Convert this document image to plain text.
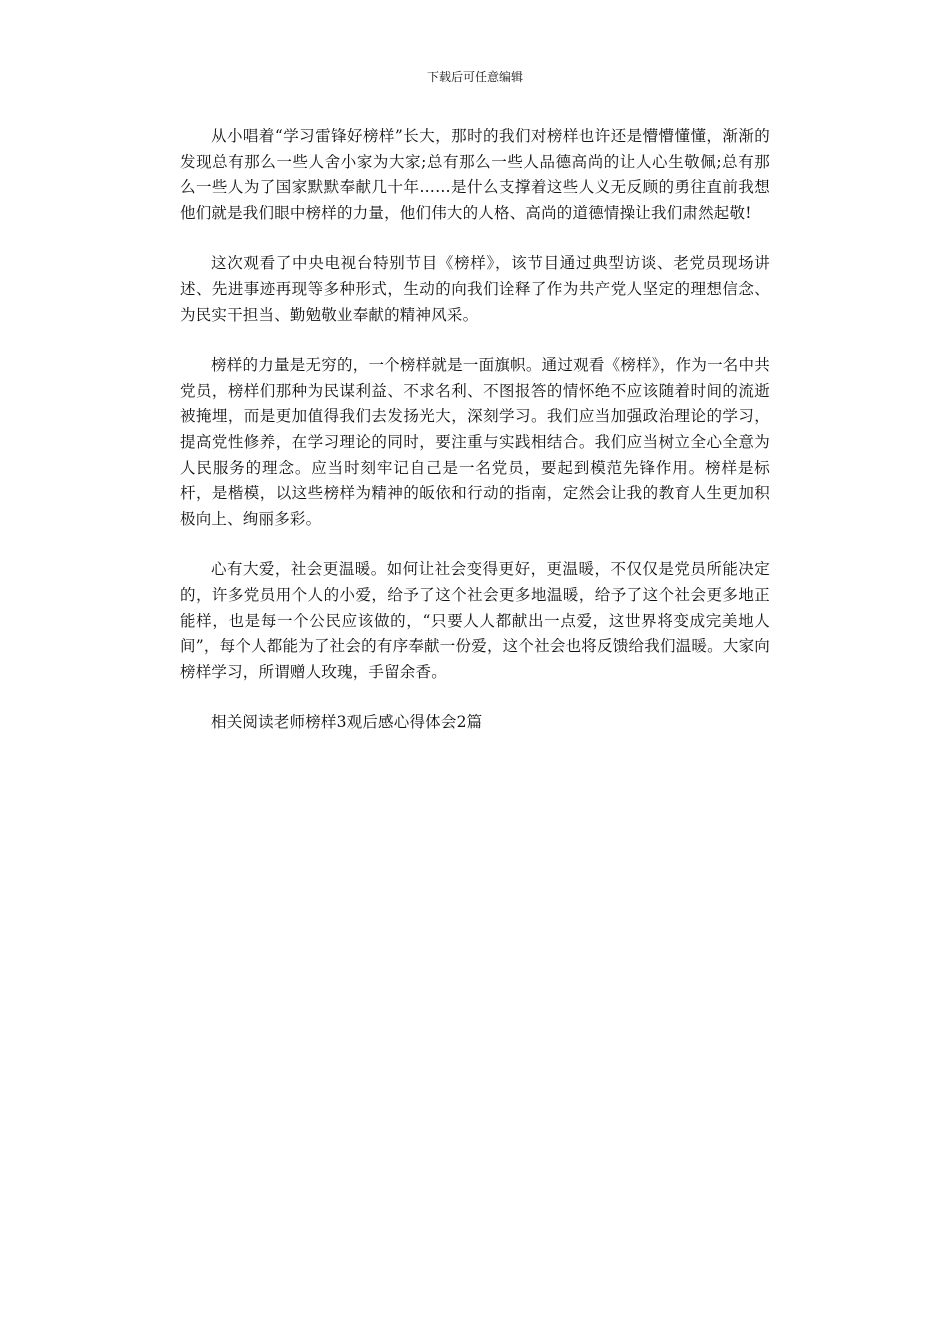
下载后可任意编辑

从小唱着“学习雷锋好榜样”长大，那时的我们对榜样也许还是懵懵懂懂，渐渐的发现总有那么一些人舍小家为大家;总有那么一些人品德高尚的让人心生敬佩;总有那么一些人为了国家默默奉献几十年……是什么支撑着这些人义无反顾的勇往直前我想他们就是我们眼中榜样的力量，他们伟大的人格、高尚的道德情操让我们肃然起敬!

这次观看了中央电视台特别节目《榜样》，该节目通过典型访谈、老党员现场讲述、先进事迹再现等多种形式，生动的向我们诠释了作为共产党人坚定的理想信念、为民实干担当、勤勉敬业奉献的精神风采。

榜样的力量是无穷的，一个榜样就是一面旗帜。通过观看《榜样》，作为一名中共党员，榜样们那种为民谋利益、不求名利、不图报答的情怀绝不应该随着时间的流逝被掩埋，而是更加值得我们去发扬光大，深刻学习。我们应当加强政治理论的学习，提高党性修养，在学习理论的同时，要注重与实践相结合。我们应当树立全心全意为人民服务的理念。应当时刻牢记自己是一名党员，要起到模范先锋作用。榜样是标杆，是楷模，以这些榜样为精神的皈依和行动的指南，定然会让我的教育人生更加积极向上、绚丽多彩。

心有大爱，社会更温暖。如何让社会变得更好，更温暖，不仅仅是党员所能决定的，许多党员用个人的小爱，给予了这个社会更多地温暖，给予了这个社会更多地正能样，也是每一个公民应该做的，“只要人人都献出一点爱，这世界将变成完美地人间”，每个人都能为了社会的有序奉献一份爱，这个社会也将反馈给我们温暖。大家向榜样学习，所谓赠人玫瑰，手留余香。

相关阅读老师榜样3观后感心得体会2篇
